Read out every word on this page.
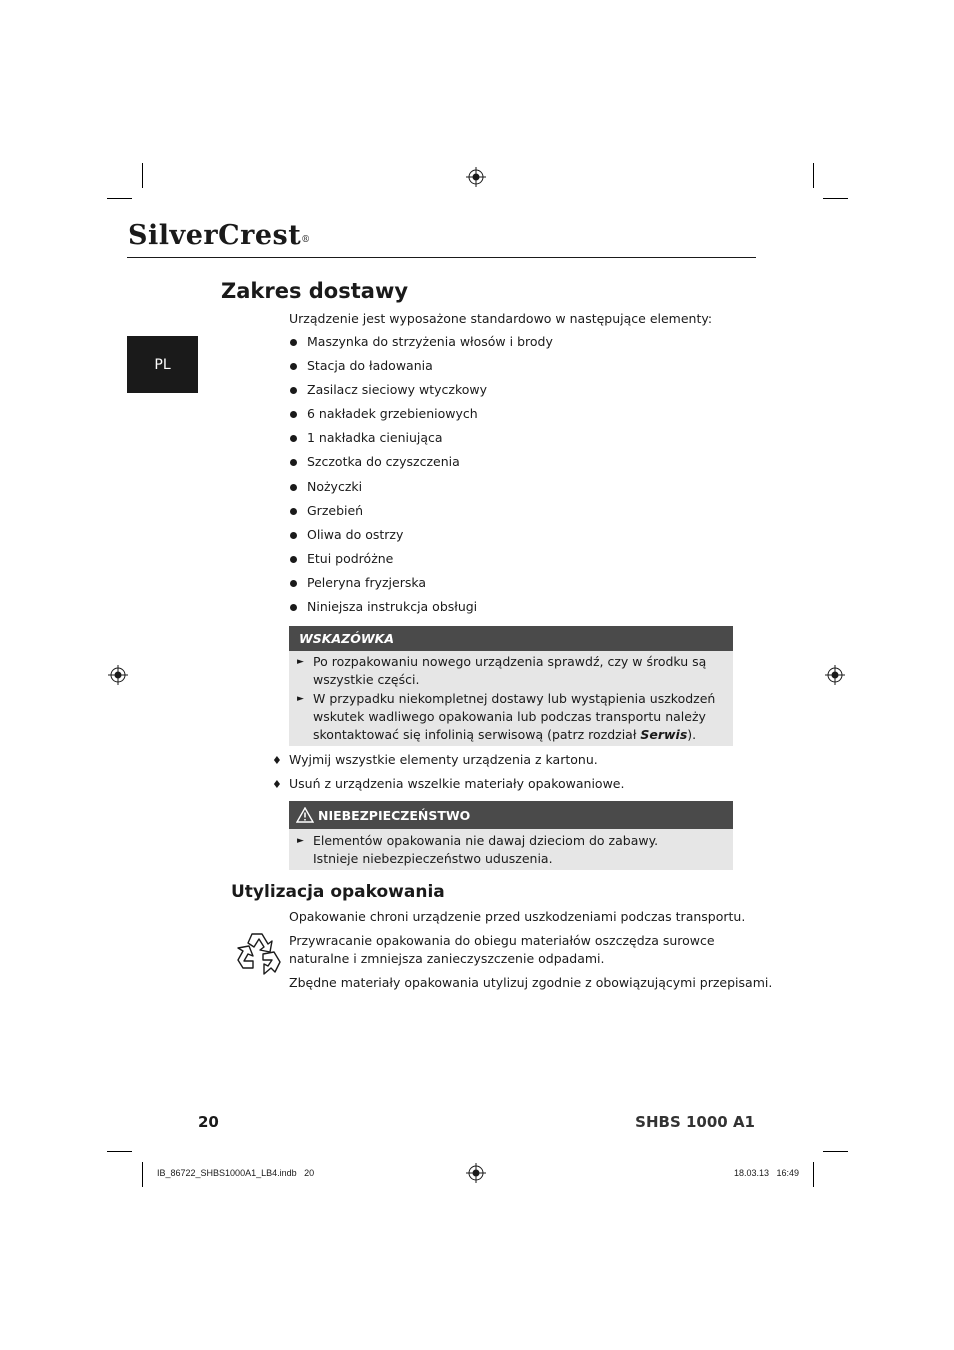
SilverCrest®
PL
Zakres dostawy
Urządzenie jest wyposażone standardowo w następujące elementy:
Maszynka do strzyżenia włosów i brody
Stacja do ładowania
Zasilacz sieciowy wtyczkowy
6 nakładek grzebieniowych
1 nakładka cieniująca
Szczotka do czyszczenia
Nożyczki
Grzebień
Oliwa do ostrzy
Etui podróżne
Peleryna fryzjerska
Niniejsza instrukcja obsługi
WSKAZÓWKA
► Po rozpakowaniu nowego urządzenia sprawdź, czy w środku są wszystkie części.
► W przypadku niekompletnej dostawy lub wystąpienia uszkodzeń wskutek wadliwego opakowania lub podczas transportu należy skontaktować się infolinią serwisową (patrz rozdział Serwis).
♦ Wyjmij wszystkie elementy urządzenia z kartonu.
♦ Usuń z urządzenia wszelkie materiały opakowaniowe.
NIEBEZPIECZEŃSTWO
► Elementów opakowania nie dawaj dzieciom do zabawy.
Istnieje niebezpieczeństwo uduszenia.
Utylizacja opakowania
Opakowanie chroni urządzenie przed uszkodzeniami podczas transportu.
Przywracanie opakowania do obiegu materiałów oszczędza surowce naturalne i zmniejsza zanieczyszczenie odpadami.
Zbędne materiały opakowania utylizuj zgodnie z obowiązującymi przepisami.
20	SHBS 1000 A1
IB_86722_SHBS1000A1_LB4.indb   20	18.03.13   16:49
